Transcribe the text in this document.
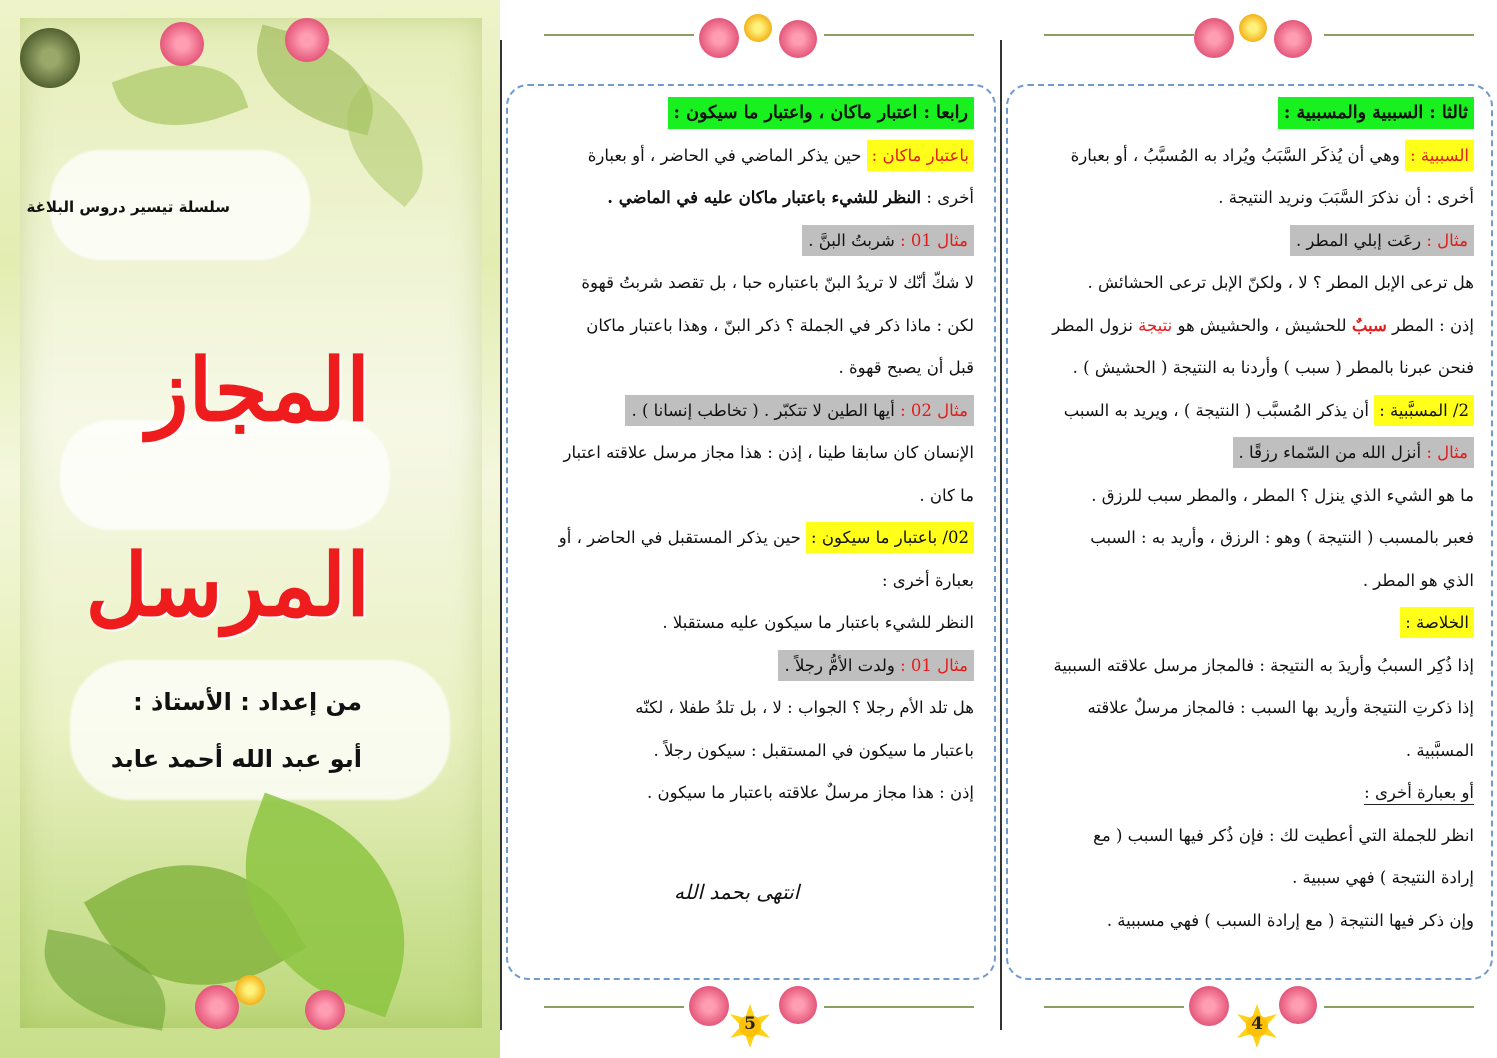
سلسلة تيسير دروس البلاغة
المجاز
المرسل
من إعداد : الأستاذ :
أبو عبد الله أحمد عابد
رابعا : اعتبار ماكان ، واعتبار ما سيكون :
باعتبار ماكان : حين يذكر الماضي في الحاضر ، أو بعبارة
أخرى : النظر للشيء باعتبار ماكان عليه في الماضي .
مثال 01 : شربتُ البنَّ .
لا شكّ أنّك لا تريدُ البنّ باعتباره حبا ، بل تقصد شربتُ قهوة
لكن : ماذا ذكر في الجملة ؟ ذكر البنّ ، وهذا باعتبار ماكان
قبل أن يصبح قهوة .
مثال 02 : أيها الطين لا تتكبّر . ( تخاطب إنسانا ) .
الإنسان كان سابقا طينا ، إذن : هذا مجاز مرسل علاقته اعتبار
ما كان .
02/ باعتبار ما سيكون : حين يذكر المستقبل في الحاضر ، أو
بعبارة أخرى :
النظر للشيء باعتبار ما سيكون عليه مستقبلا .
مثال 01 : ولدت الأمُّ رجلاً .
هل تلد الأم رجلا ؟ الجواب : لا ، بل تلدُ طفلا ، لكنّه
باعتبار ما سيكون في المستقبل : سيكون رجلاً .
إذن : هذا مجاز مرسلٌ علاقته باعتبار ما سيكون .
انتهى بحمد الله
5
ثالثا : السببية والمسببية :
السببية : وهي أن يُذكَر السَّبَبُ ويُراد به المُسبَّبُ ، أو بعبارة
أخرى : أن نذكرَ السَّبَبَ ونريد النتيجة .
مثال : رعَت إبلي المطر .
هل ترعى الإبل المطر ؟ لا ، ولكنّ الإبل ترعى الحشائش .
إذن : المطر سببٌ للحشيش ، والحشيش هو نتيجة نزول المطر
فنحن عبرنا بالمطر ( سبب ) وأردنا به النتيجة ( الحشيش ) .
2/ المسبَّبية : أن يذكر المُسبَّب ( النتيجة ) ، ويريد به السبب
مثال : أنزل الله من السّماء رزقًا .
ما هو الشيء الذي ينزل ؟ المطر ، والمطر سبب للرزق .
فعبر بالمسبب ( النتيجة ) وهو : الرزق ، وأريد به : السبب
الذي هو المطر .
الخلاصة :
إذا ذُكِر السببُ وأريدَ به النتيجة : فالمجاز مرسل علاقته السببية
إذا ذكرتِ النتيجة وأريد بها السبب : فالمجاز مرسلٌ علاقته
المسبَّبية .
أو بعبارة أخرى :
انظر للجملة التي أعطيت لك : فإن ذُكر فيها السبب ( مع
إرادة النتيجة ) فهي سببية .
وإن ذكر فيها النتيجة ( مع إرادة السبب ) فهي مسببية .
4
